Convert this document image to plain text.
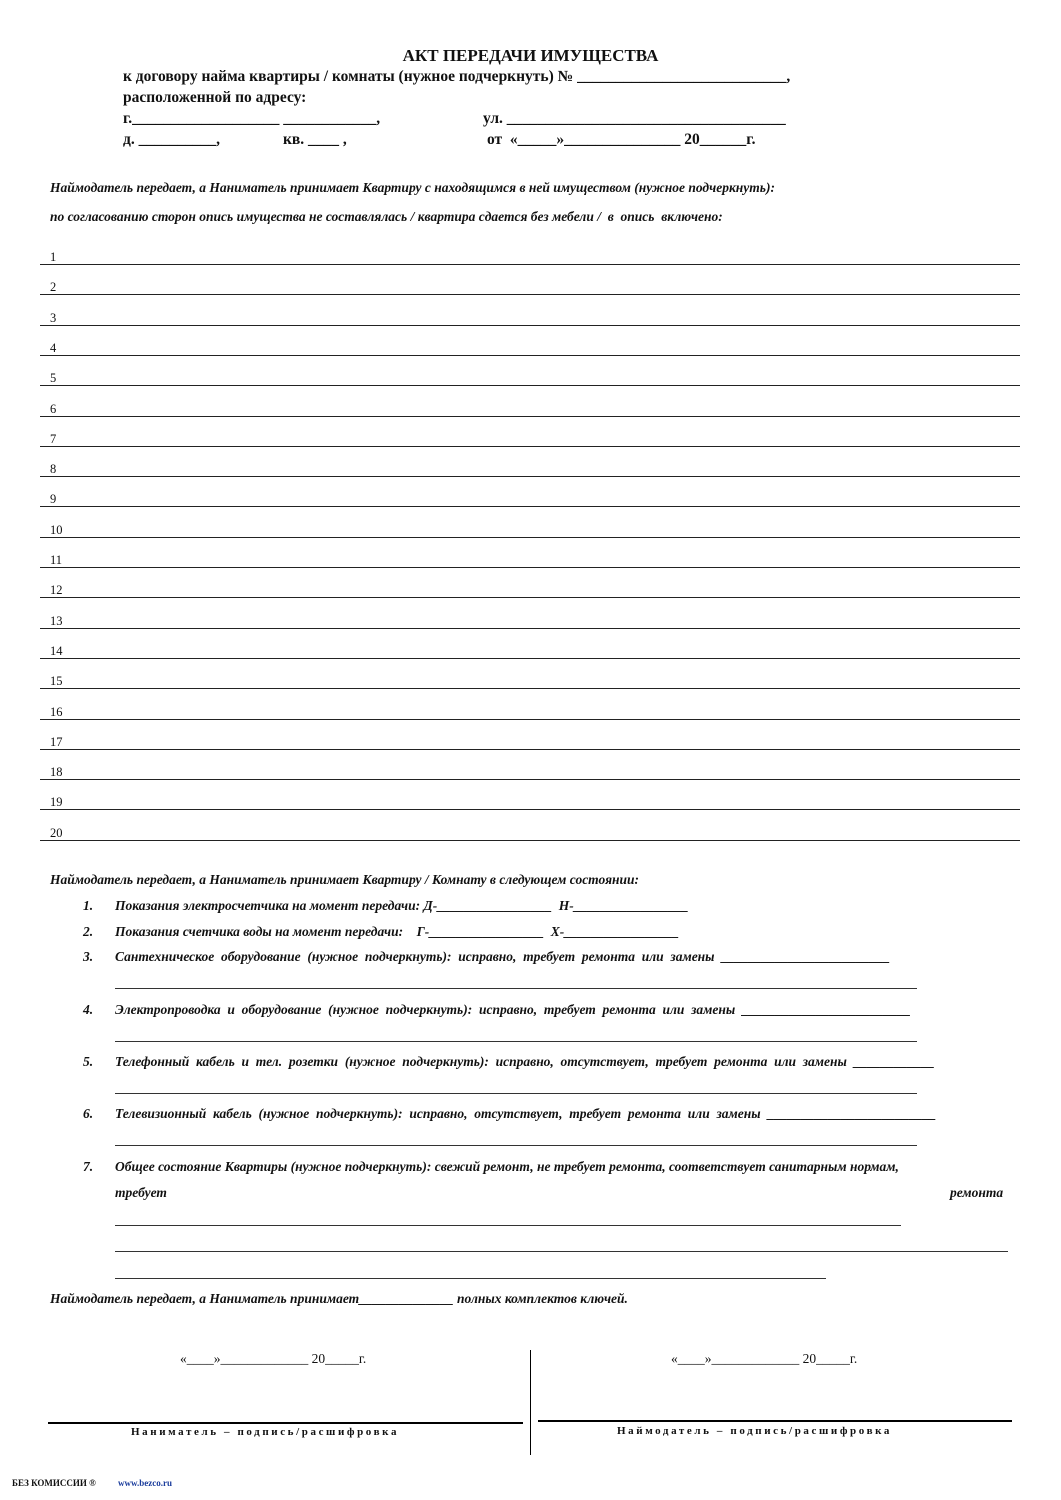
АКТ ПЕРЕДАЧИ ИМУЩЕСТВА
к договору найма квартиры / комнаты (нужное подчеркнуть) № ___________________________,
расположенной по адресу:
г.___________________ ____________,	ул. ____________________________________
д. __________,	кв. ____ ,	от  «_____»_______________ 20______г.
Наймодатель передает, а Наниматель принимает Квартиру с находящимся в ней имуществом (нужное подчеркнуть):
по согласованию сторон опись имущества не составлялась / квартира сдается без мебели /  в  опись  включено:
1
2
3
4
5
6
7
8
9
10
11
12
13
14
15
16
17
18
19
20
Наймодатель передает, а Наниматель принимает Квартиру / Комнату в следующем состоянии:
1. Показания электросчетчика на момент передачи: Д-_________________  Н-_________________
2. Показания счетчика воды на момент передачи:    Г-_________________  Х-_________________
3. Сантехническое  оборудование  (нужное  подчеркнуть):  исправно,  требует  ремонта  или  замены  _________________________
4. Электропроводка  и  оборудование  (нужное  подчеркнуть):  исправно,  требует  ремонта  или  замены  _________________________
5. Телефонный  кабель  и  тел.  розетки  (нужное  подчеркнуть):  исправно,  отсутствует,  требует  ремонта  или  замены  ____________
6. Телевизионный  кабель  (нужное  подчеркнуть):  исправно,  отсутствует,  требует  ремонта  или  замены  _________________________
7. Общее состояние Квартиры (нужное подчеркнуть): свежий ремонт, не требует ремонта, соответствует санитарным нормам,
требует	ремонта
Наймодатель передает, а Наниматель принимает______________ полных комплектов ключей.
«____»_____________ 20_____г.	«____»_____________ 20_____г.
Наниматель – подпись/расшифровка	Наймодатель – подпись/расшифровка
БЕЗ КОМИССИИ ® www.bezco.ru
